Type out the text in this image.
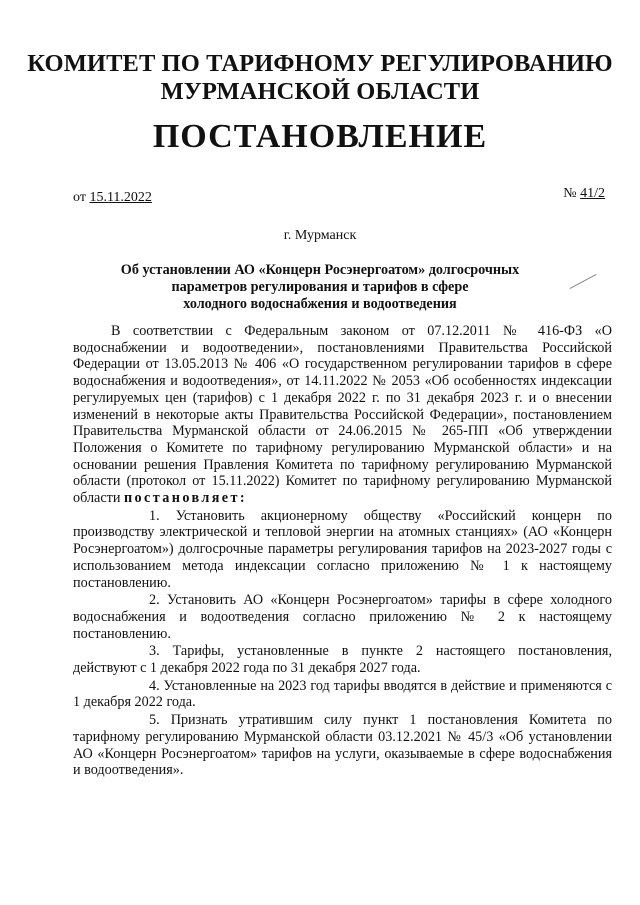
КОМИТЕТ ПО ТАРИФНОМУ РЕГУЛИРОВАНИЮ
МУРМАНСКОЙ ОБЛАСТИ
ПОСТАНОВЛЕНИЕ
от 15.11.2022	№ 41/2
г. Мурманск
Об установлении АО «Концерн Росэнергоатом» долгосрочных
параметров регулирования и тарифов в сфере
холодного водоснабжения и водоотведения

В соответствии с Федеральным законом от 07.12.2011 № 416-ФЗ «О водоснабжении и водоотведении», постановлениями Правительства Российской Федерации от 13.05.2013 № 406 «О государственном регулировании тарифов в сфере водоснабжения и водоотведения», от 14.11.2022 № 2053 «Об особенностях индексации регулируемых цен (тарифов) с 1 декабря 2022 г. по 31 декабря 2023 г. и о внесении изменений в некоторые акты Правительства Российской Федерации», постановлением Правительства Мурманской области от 24.06.2015 № 265-ПП «Об утверждении Положения о Комитете по тарифному регулированию Мурманской области» и на основании решения Правления Комитета по тарифному регулированию Мурманской области (протокол от 15.11.2022) Комитет по тарифному регулированию Мурманской области постановляет:

1. Установить акционерному обществу «Российский концерн по производству электрической и тепловой энергии на атомных станциях» (АО «Концерн Росэнергоатом») долгосрочные параметры регулирования тарифов на 2023-2027 годы с использованием метода индексации согласно приложению № 1 к настоящему постановлению.

2. Установить АО «Концерн Росэнергоатом» тарифы в сфере холодного водоснабжения и водоотведения согласно приложению № 2 к настоящему постановлению.

3. Тарифы, установленные в пункте 2 настоящего постановления, действуют с 1 декабря 2022 года по 31 декабря 2027 года.

4. Установленные на 2023 год тарифы вводятся в действие и применяются с 1 декабря 2022 года.

5. Признать утратившим силу пункт 1 постановления Комитета по тарифному регулированию Мурманской области 03.12.2021 № 45/3 «Об установлении АО «Концерн Росэнергоатом» тарифов на услуги, оказываемые в сфере водоснабжения и водоотведения».
